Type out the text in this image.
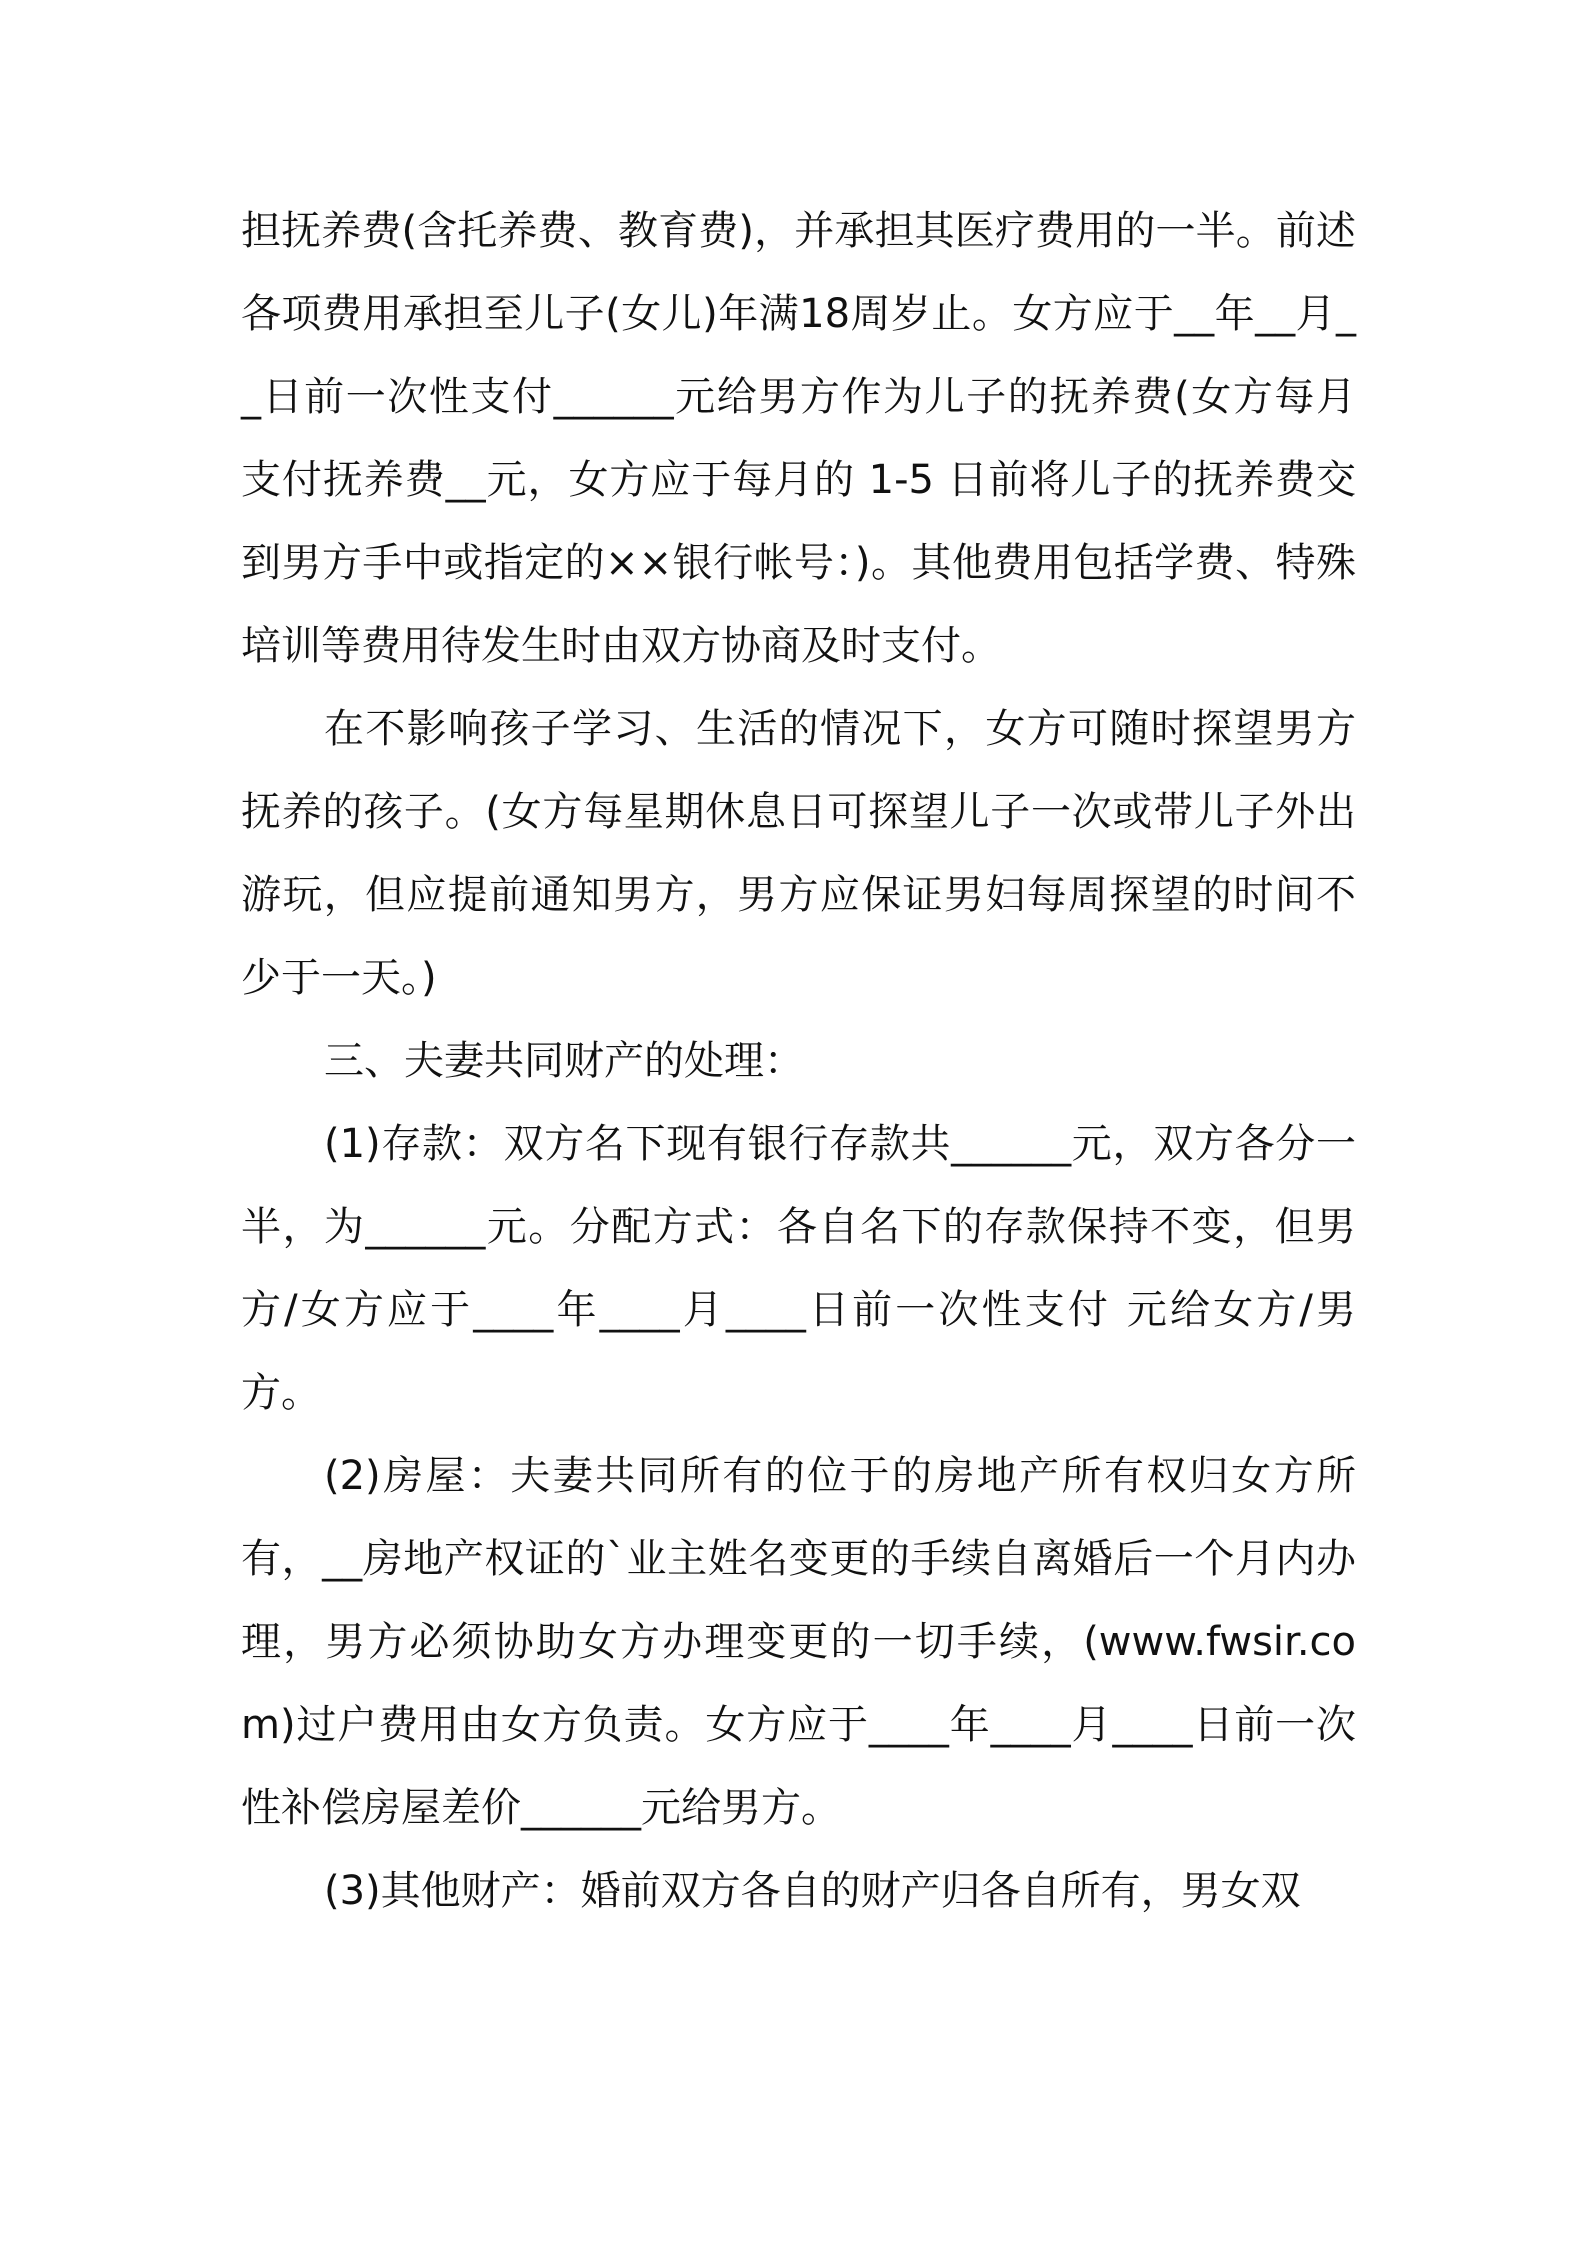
担抚养费(含托养费、教育费)，并承担其医疗费用的一半。前述各项费用承担至儿子(女儿)年满18周岁止。女方应于__年__月__日前一次性支付______元给男方作为儿子的抚养费(女方每月支付抚养费__元，女方应于每月的 1-5 日前将儿子的抚养费交到男方手中或指定的××银行帐号：)。其他费用包括学费、特殊培训等费用待发生时由双方协商及时支付。

在不影响孩子学习、生活的情况下，女方可随时探望男方抚养的孩子。(女方每星期休息日可探望儿子一次或带儿子外出游玩，但应提前通知男方，男方应保证男妇每周探望的时间不少于一天。)

三、夫妻共同财产的处理：

(1)存款：双方名下现有银行存款共______元，双方各分一半，为______元。分配方式：各自名下的存款保持不变，但男方/女方应于____年____月____日前一次性支付 元给女方/男方。

(2)房屋：夫妻共同所有的位于的房地产所有权归女方所有，__房地产权证的`业主姓名变更的手续自离婚后一个月内办理，男方必须协助女方办理变更的一切手续，(www.fwsir.com)过户费用由女方负责。女方应于____年____月____日前一次性补偿房屋差价______元给男方。

(3)其他财产：婚前双方各自的财产归各自所有，男女双
